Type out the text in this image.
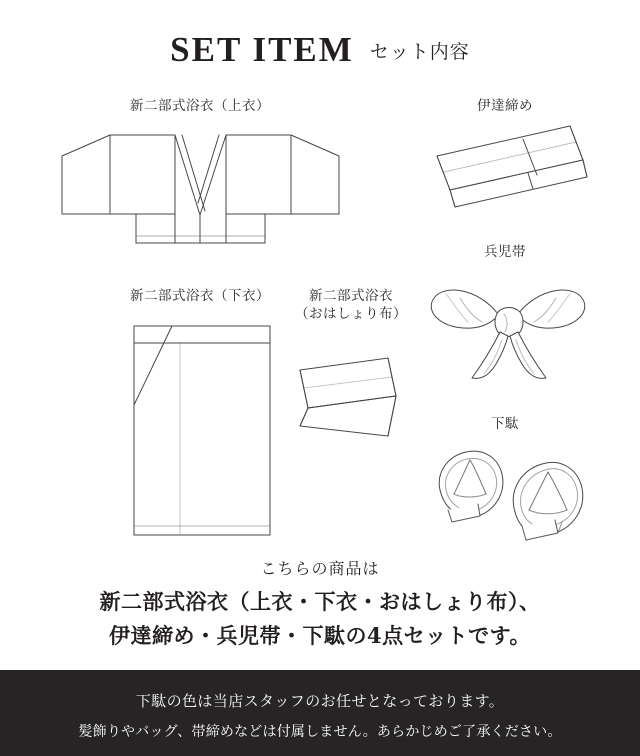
SET ITEM セット内容
新二部式浴衣（上衣）	伊達締め
新二部式浴衣（下衣）	新二部式浴衣
（おはしょり布）
兵児帯
下駄
こちらの商品は
新二部式浴衣（上衣・下衣・おはしょり布）、
伊達締め・兵児帯・下駄の4点セットです。
下駄の色は当店スタッフのお任せとなっております。
髪飾りやバッグ、帯締めなどは付属しません。あらかじめご了承ください。
